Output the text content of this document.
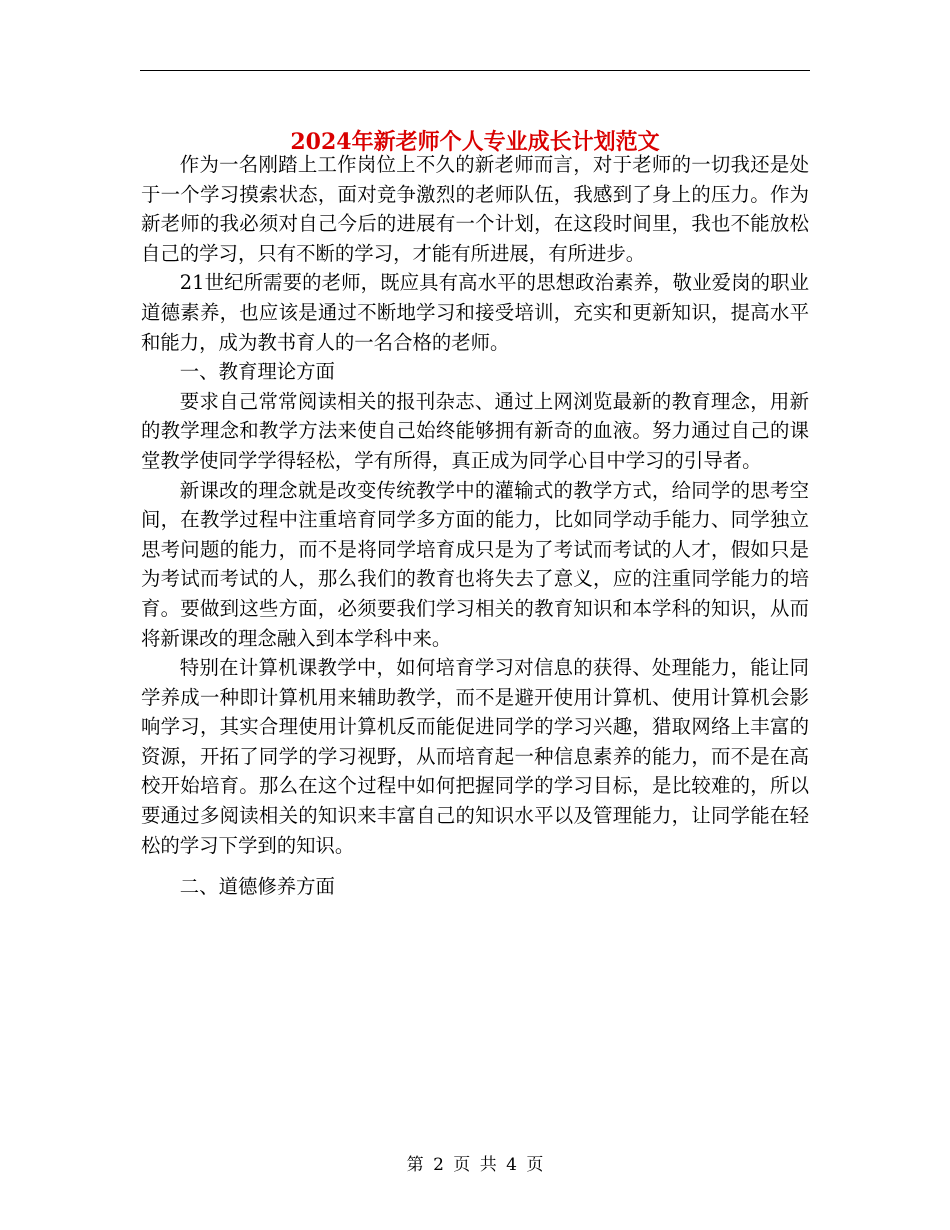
2024年新老师个人专业成长计划范文

作为一名刚踏上工作岗位上不久的新老师而言，对于老师的一切我还是处于一个学习摸索状态，面对竞争激烈的老师队伍，我感到了身上的压力。作为新老师的我必须对自己今后的进展有一个计划，在这段时间里，我也不能放松自己的学习，只有不断的学习，才能有所进展，有所进步。

21世纪所需要的老师，既应具有高水平的思想政治素养，敬业爱岗的职业道德素养，也应该是通过不断地学习和接受培训，充实和更新知识，提高水平和能力，成为教书育人的一名合格的老师。

一、教育理论方面

要求自己常常阅读相关的报刊杂志、通过上网浏览最新的教育理念，用新的教学理念和教学方法来使自己始终能够拥有新奇的血液。努力通过自己的课堂教学使同学学得轻松，学有所得，真正成为同学心目中学习的引导者。

新课改的理念就是改变传统教学中的灌输式的教学方式，给同学的思考空间，在教学过程中注重培育同学多方面的能力，比如同学动手能力、同学独立思考问题的能力，而不是将同学培育成只是为了考试而考试的人才，假如只是为考试而考试的人，那么我们的教育也将失去了意义，应的注重同学能力的培育。要做到这些方面，必须要我们学习相关的教育知识和本学科的知识，从而将新课改的理念融入到本学科中来。

特别在计算机课教学中，如何培育学习对信息的获得、处理能力，能让同学养成一种即计算机用来辅助教学，而不是避开使用计算机、使用计算机会影响学习，其实合理使用计算机反而能促进同学的学习兴趣，猎取网络上丰富的资源，开拓了同学的学习视野，从而培育起一种信息素养的能力，而不是在高校开始培育。那么在这个过程中如何把握同学的学习目标，是比较难的，所以要通过多阅读相关的知识来丰富自己的知识水平以及管理能力，让同学能在轻松的学习下学到的知识。

二、道德修养方面

第 2 页 共 4 页
